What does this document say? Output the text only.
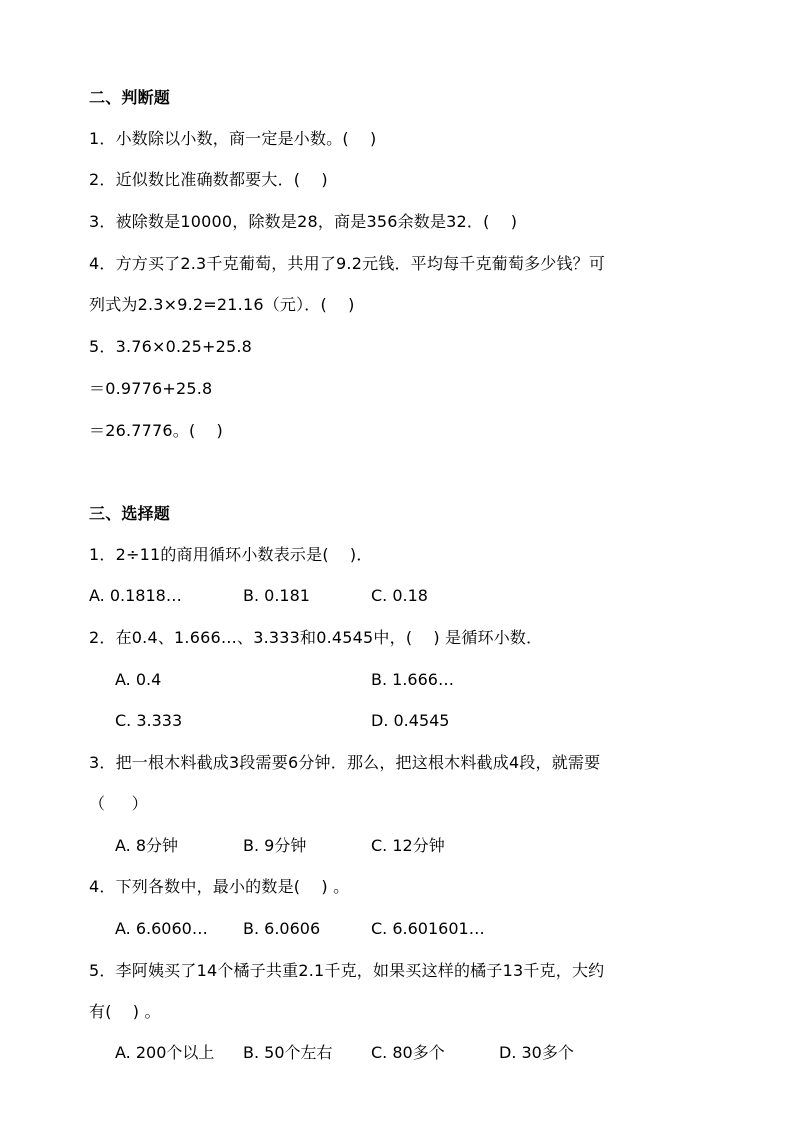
二、判断题
1．小数除以小数，商一定是小数。(    )
2．近似数比准确数都要大．(    )
3．被除数是10000，除数是28，商是356余数是32．(    )
4．方方买了2.3千克葡萄，共用了9.2元钱．平均每千克葡萄多少钱？可
列式为2.3×9.2=21.16（元）．(    )
5．3.76×0.25+25.8
＝0.9776+25.8
＝26.7776。(    )
三、选择题
1．2÷11的商用循环小数表示是(    )．
A. 0.1818…	B. 0.181	C. 0.18
2．在0.4、1.666…、3.333和0.4545中，(    ) 是循环小数．
A. 0.4	B. 1.666…
C. 3.333	D. 0.4545
3．把一根木料截成3段需要6分钟．那么，把这根木料截成4段，就需要
（     ）
A. 8分钟	B. 9分钟	C. 12分钟
4．下列各数中，最小的数是(    ) 。
A. 6.6060… B. 6.0606	C. 6.601601…
5．李阿姨买了14个橘子共重2.1千克，如果买这样的橘子13千克，大约
有(    ) 。
A. 200个以上 B. 50个左右 C. 80多个	D. 30多个
